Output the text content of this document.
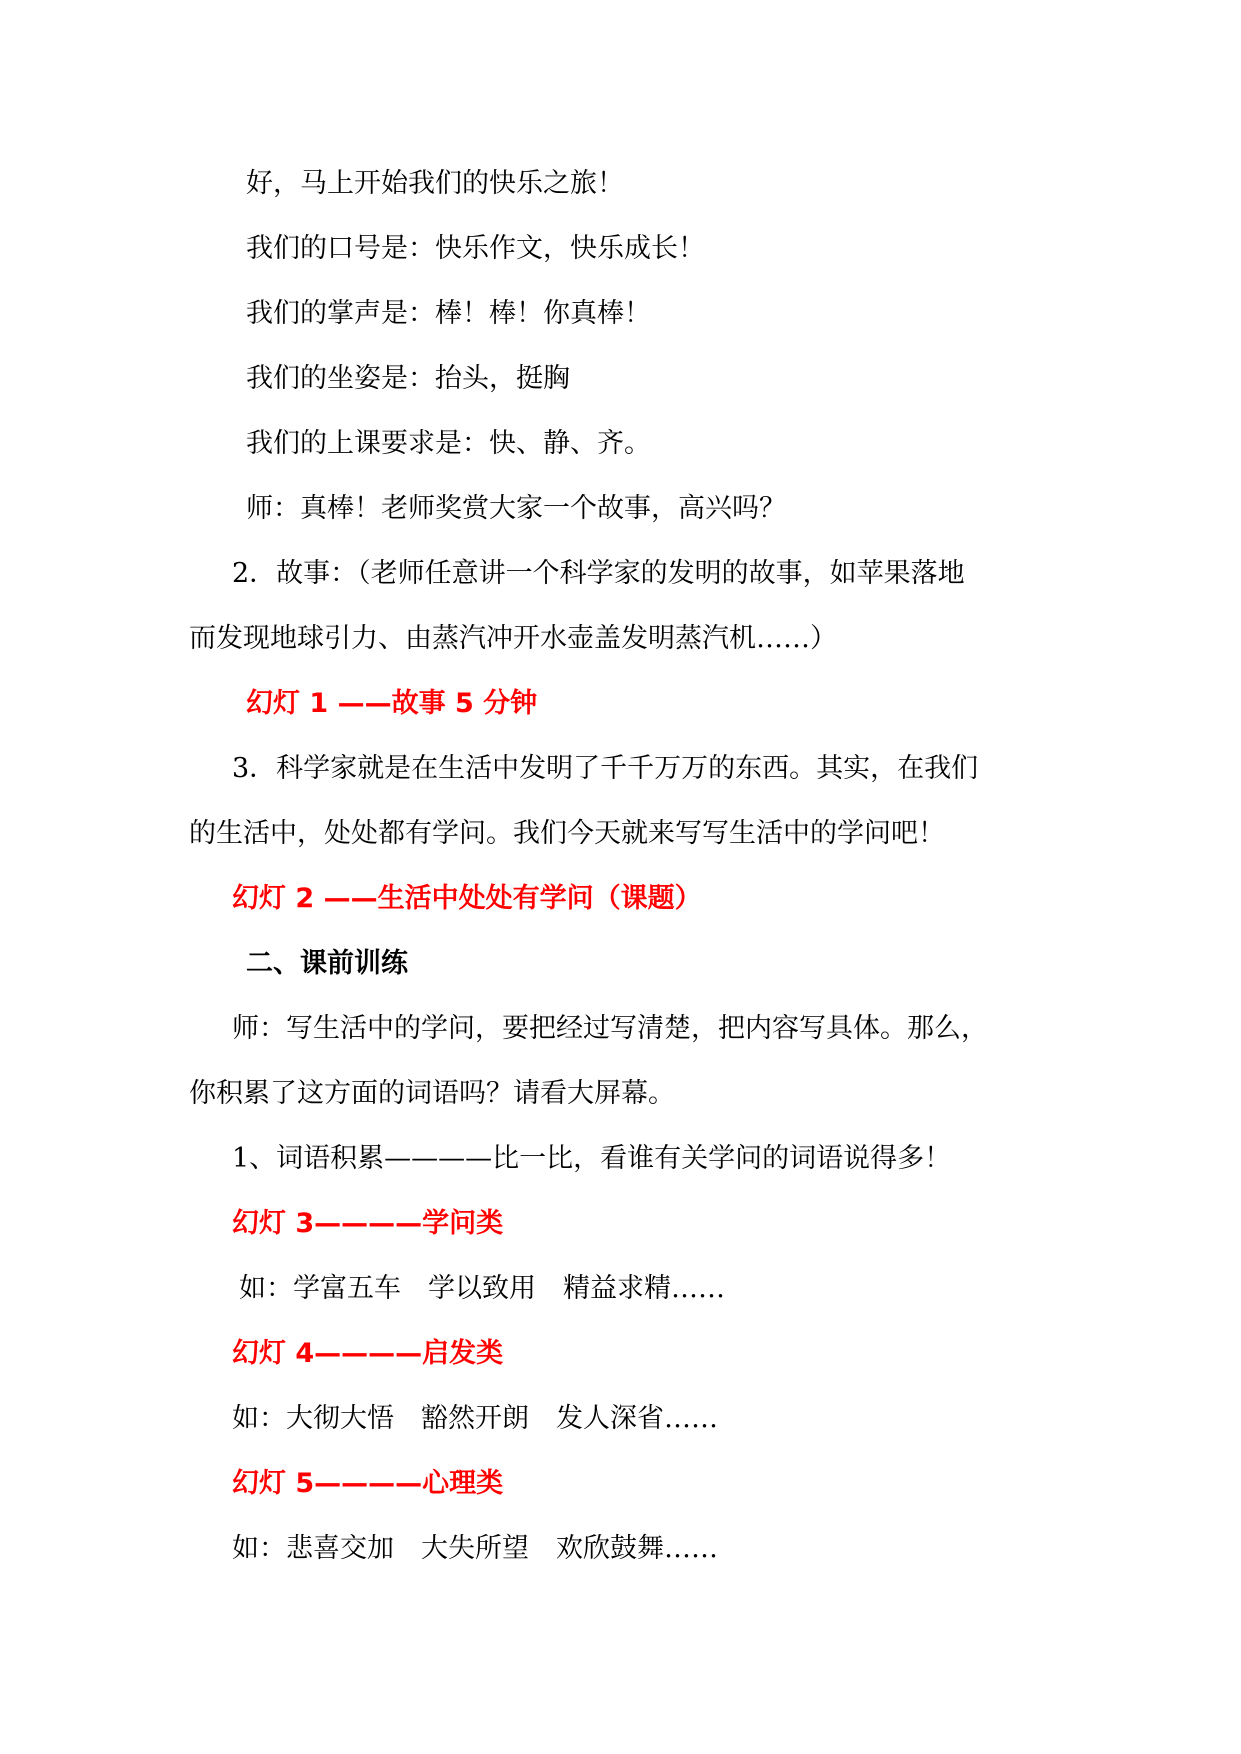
好，马上开始我们的快乐之旅！
我们的口号是：快乐作文，快乐成长！
我们的掌声是：棒！棒！你真棒！
我们的坐姿是：抬头，挺胸
我们的上课要求是：快、静、齐。
师：真棒！老师奖赏大家一个故事，高兴吗？
2．故事：（老师任意讲一个科学家的发明的故事，如苹果落地
而发现地球引力、由蒸汽冲开水壶盖发明蒸汽机……）
幻灯 1 ——故事 5 分钟
3．科学家就是在生活中发明了千千万万的东西。其实，在我们
的生活中，处处都有学问。我们今天就来写写生活中的学问吧！
幻灯 2 ——生活中处处有学问（课题）
二、课前训练
师：写生活中的学问，要把经过写清楚，把内容写具体。那么，
你积累了这方面的词语吗？请看大屏幕。
1、词语积累————比一比，看谁有关学问的词语说得多！
幻灯 3————学问类
如：学富五车　学以致用　精益求精……
幻灯 4————启发类
如：大彻大悟　豁然开朗　发人深省……
幻灯 5————心理类
如：悲喜交加　大失所望　欢欣鼓舞……
